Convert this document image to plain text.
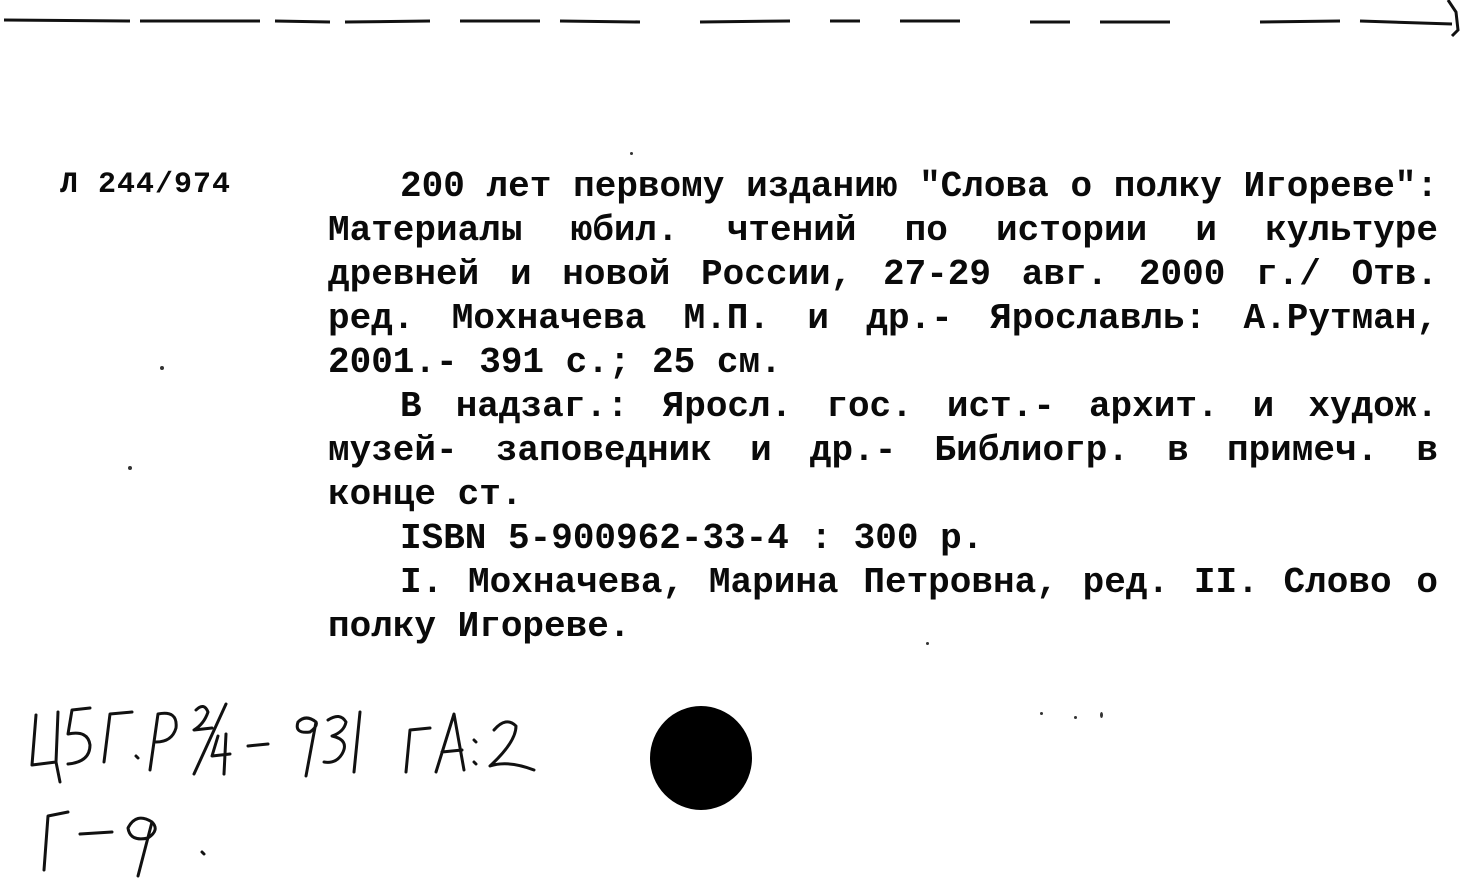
Л 244/974	200 лет первому изданию "Слова о полку Игореве": Материалы юбил. чтений по истории и культуре древней и новой России, 27-29 авг. 2000 г./ Отв. ред. Мохначева М.П. и др.- Ярославль: А.Рутман, 2001.- 391 с.; 25 см.

В надзаг.: Яросл. гос. ист.- архит. и худож. музей- заповедник и др.- Библиогр. в примеч. в конце ст.

ISBN 5-900962-33-4 : 300 р.

I. Мохначева, Марина Петровна, ред. II. Слово о полку Игореве.
